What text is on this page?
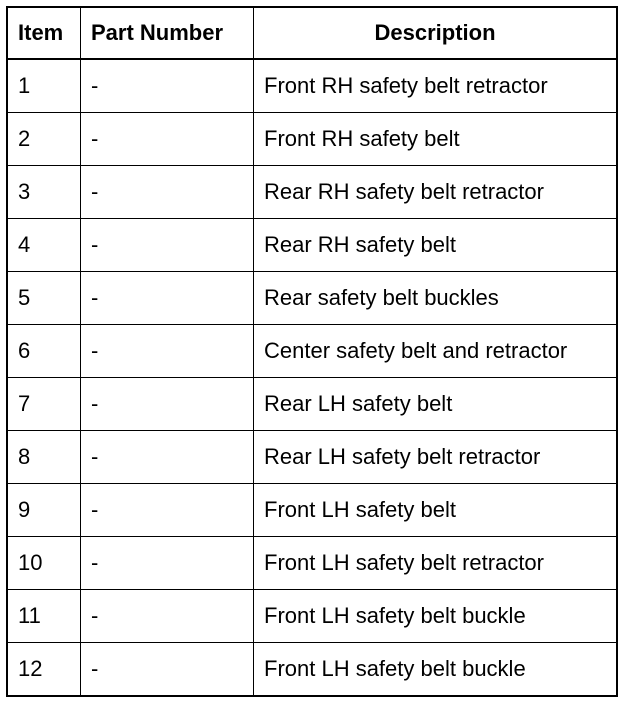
Item	Part Number	Description
1	-	Front RH safety belt retractor
2	-	Front RH safety belt
3	-	Rear RH safety belt retractor
4	-	Rear RH safety belt
5	-	Rear safety belt buckles
6	-	Center safety belt and retractor
7	-	Rear LH safety belt
8	-	Rear LH safety belt retractor
9	-	Front LH safety belt
10	-	Front LH safety belt retractor
11	-	Front LH safety belt buckle
12	-	Front LH safety belt buckle
